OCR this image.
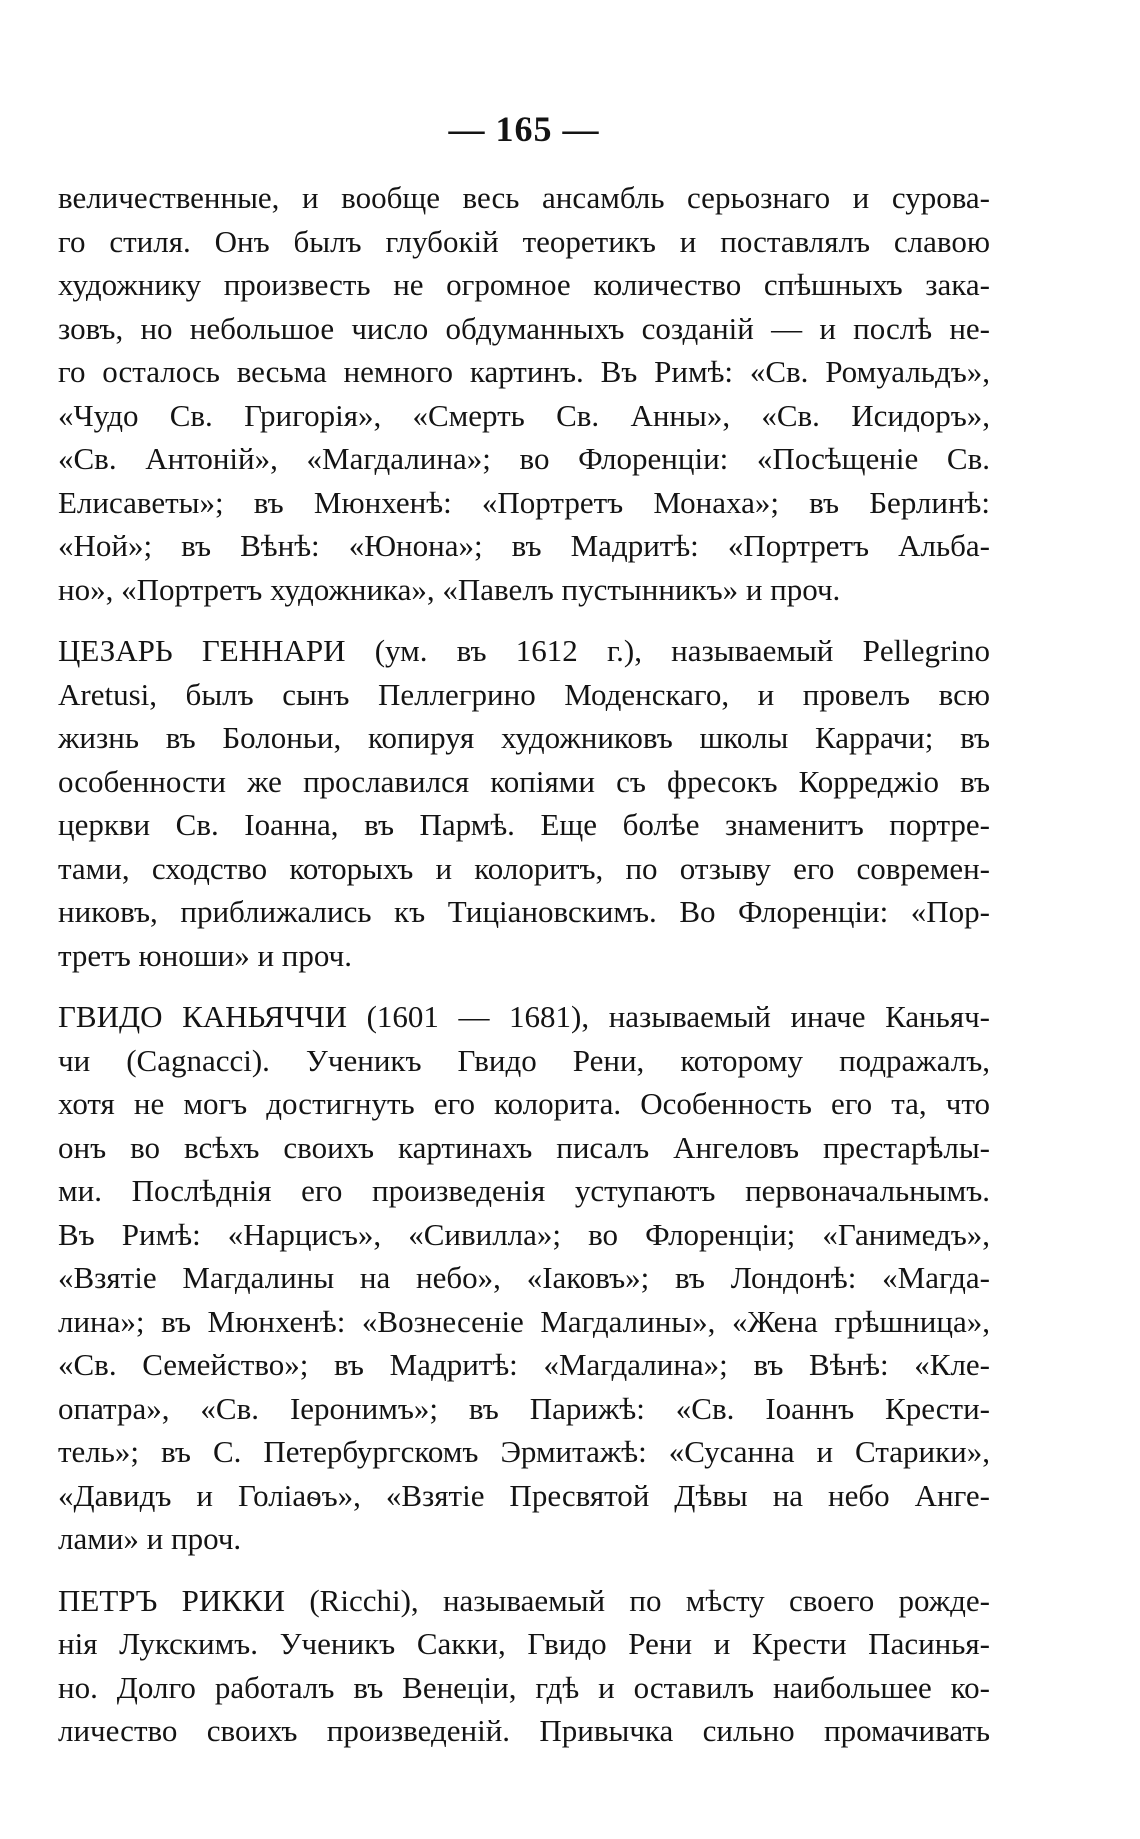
— 165 —
величественные, и вообще весь ансамбль серьознаго и сурова-
го стиля. Онъ былъ глубокій теоретикъ и поставлялъ славою
художнику произвесть не огромное количество спѣшныхъ зака-
зовъ, но небольшое число обдуманныхъ созданій — и послѣ не-
го осталось весьма немного картинъ. Въ Римѣ: «Св. Ромуальдъ»,
«Чудо Св. Григорія», «Смерть Св. Анны», «Св. Исидоръ»,
«Св. Антоній», «Магдалина»; во Флоренціи: «Посѣщеніе Св.
Елисаветы»; въ Мюнхенѣ: «Портретъ Монаха»; въ Берлинѣ:
«Ной»; въ Вѣнѣ: «Юнона»; въ Мадритѣ: «Портретъ Альба-
но», «Портретъ художника», «Павелъ пустынникъ» и проч.
ЦЕЗАРЬ ГЕННАРИ (ум. въ 1612 г.), называемый Pellegrino
Aretusi, былъ сынъ Пеллегрино Моденскаго, и провелъ всю
жизнь въ Болоньи, копируя художниковъ школы Каррачи; въ
особенности же прославился копіями съ фресокъ Корреджіо въ
церкви Св. Іоанна, въ Пармѣ. Еще болѣе знаменитъ портре-
тами, сходство которыхъ и колоритъ, по отзыву его современ-
никовъ, приближались къ Тиціановскимъ. Во Флоренціи: «Пор-
третъ юноши» и проч.
ГВИДО КАНЬЯЧЧИ (1601 — 1681), называемый иначе Каньяч-
чи (Cagnacci). Ученикъ Гвидо Рени, которому подражалъ,
хотя не могъ достигнуть его колорита. Особенность его та, что
онъ во всѣхъ своихъ картинахъ писалъ Ангеловъ престарѣлы-
ми. Послѣднія его произведенія уступаютъ первоначальнымъ.
Въ Римѣ: «Нарцисъ», «Сивилла»; во Флоренціи; «Ганимедъ»,
«Взятіе Магдалины на небо», «Іаковъ»; въ Лондонѣ: «Магда-
лина»; въ Мюнхенѣ: «Вознесеніе Магдалины», «Жена грѣшница»,
«Св. Семейство»; въ Мадритѣ: «Магдалина»; въ Вѣнѣ: «Кле-
опатра», «Св. Іеронимъ»; въ Парижѣ: «Св. Іоаннъ Крести-
тель»; въ С. Петербургскомъ Эрмитажѣ: «Сусанна и Старики»,
«Давидъ и Голіаѳъ», «Взятіе Пресвятой Дѣвы на небо Анге-
лами» и проч.
ПЕТРЪ РИККИ (Ricchi), называемый по мѣсту своего рожде-
нія Лукскимъ. Ученикъ Сакки, Гвидо Рени и Крести Пасинья-
но. Долго работалъ въ Венеціи, гдѣ и оставилъ наибольшее ко-
личество своихъ произведеній. Привычка сильно промачивать
